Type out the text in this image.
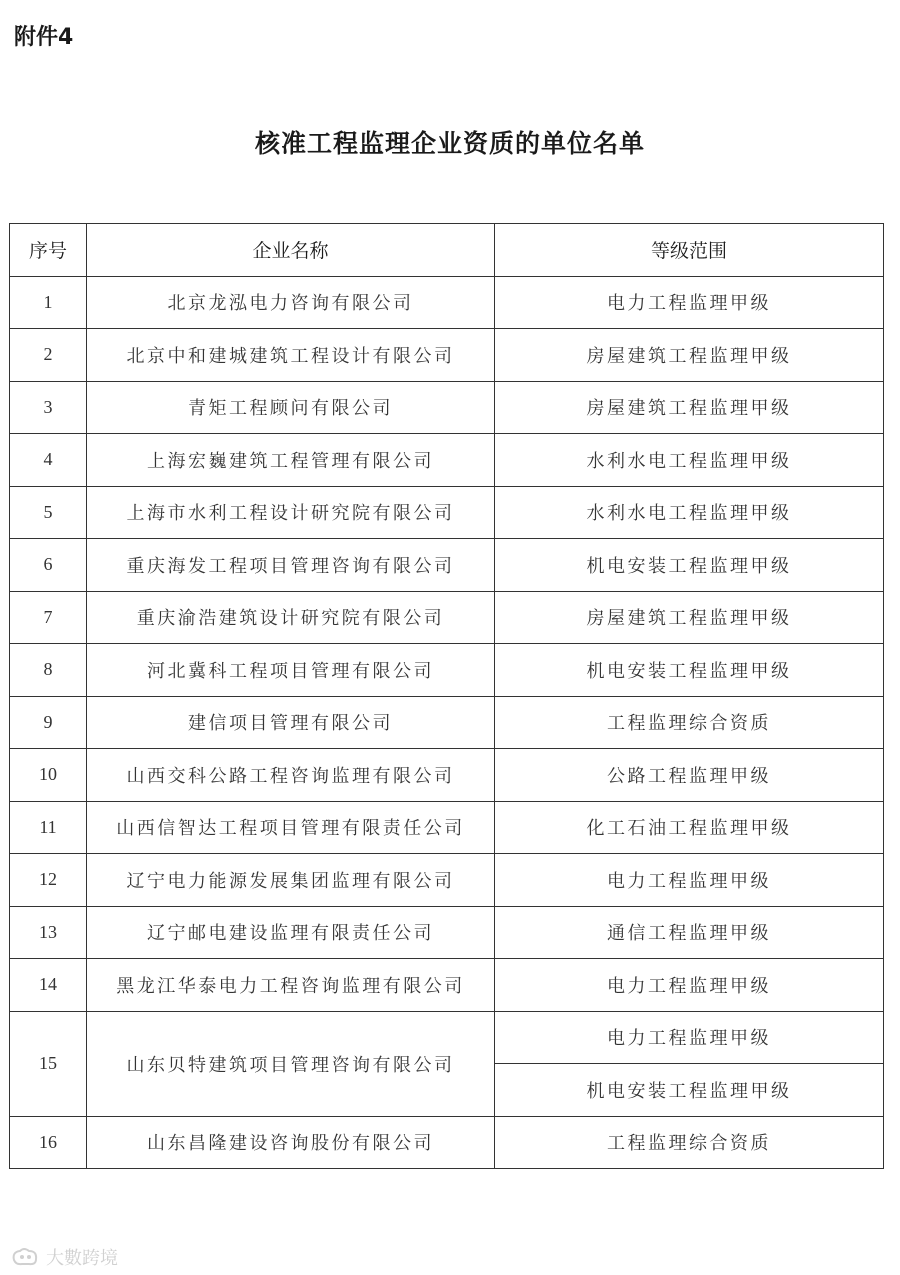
附件4
核准工程监理企业资质的单位名单
序号	企业名称	等级范围
1	北京龙泓电力咨询有限公司	电力工程监理甲级
2	北京中和建城建筑工程设计有限公司	房屋建筑工程监理甲级
3	青矩工程顾问有限公司	房屋建筑工程监理甲级
4	上海宏巍建筑工程管理有限公司	水利水电工程监理甲级
5	上海市水利工程设计研究院有限公司	水利水电工程监理甲级
6	重庆海发工程项目管理咨询有限公司	机电安装工程监理甲级
7	重庆渝浩建筑设计研究院有限公司	房屋建筑工程监理甲级
8	河北冀科工程项目管理有限公司	机电安装工程监理甲级
9	建信项目管理有限公司	工程监理综合资质
10	山西交科公路工程咨询监理有限公司	公路工程监理甲级
11	山西信智达工程项目管理有限责任公司	化工石油工程监理甲级
12	辽宁电力能源发展集团监理有限公司	电力工程监理甲级
13	辽宁邮电建设监理有限责任公司	通信工程监理甲级
14	黑龙江华泰电力工程咨询监理有限公司	电力工程监理甲级
15	山东贝特建筑项目管理咨询有限公司	电力工程监理甲级
		机电安装工程监理甲级
16	山东昌隆建设咨询股份有限公司	工程监理综合资质
大數跨境
